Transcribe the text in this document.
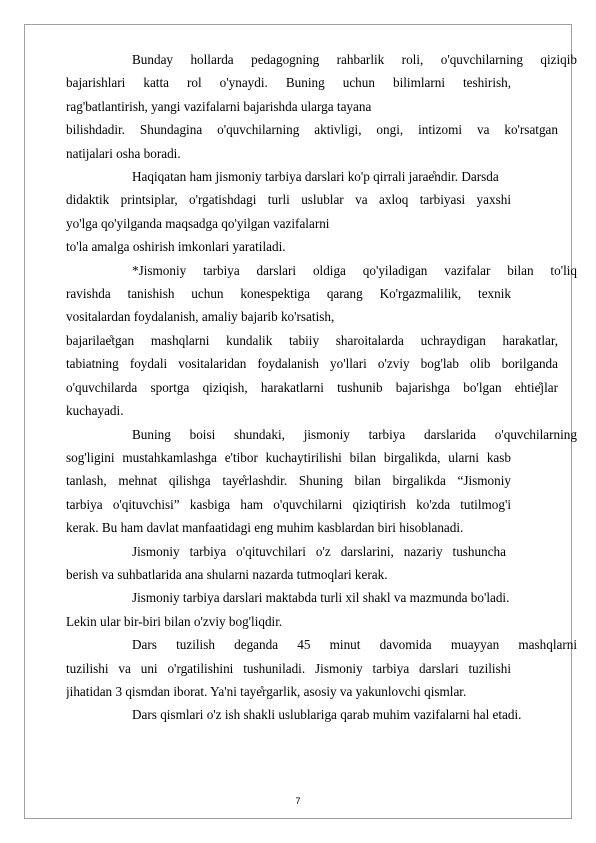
Bunday hollarda pedagogning rahbarlik roli, o'quvchilarning qiziqib
bajarishlari katta rol o'ynaydi. Buning uchun bilimlarni teshirish,
rag'batlantirish, yangi vazifalarni bajarishda ularga tayana
bilishdadir. Shundagina o'quvchilarning aktivligi, ongi, intizomi va ko'rsatgan
natijalari osha boradi.

Haqiqatan ham jismoniy tarbiya darslari ko'p qirrali jarae̊ndir. Darsda
didaktik printsiplar, o'rgatishdagi turli uslublar va axloq tarbiyasi yaxshi
yo'lga qo'yilganda maqsadga qo'yilgan vazifalarni
to'la amalga oshirish imkonlari yaratiladi.

*Jismoniy tarbiya darslari oldiga qo'yiladigan vazifalar bilan to'liq
ravishda tanishish uchun konespektiga qarang Ko'rgazmalilik, texnik
vositalardan foydalanish, amaliy bajarib ko'rsatish,
bajarilae̊tgan mashqlarni kundalik tabiiy sharoitalarda uchraydigan harakatlar,
tabiatning foydali vositalaridan foydalanish yo'llari o'zviy bog'lab olib borilganda
o'quvchilarda sportga qiziqish, harakatlarni tushunib bajarishga bo'lgan ehtie̊jlar
kuchayadi.

Buning boisi shundaki, jismoniy tarbiya darslarida o'quvchilarning
sog'ligini mustahkamlashga e'tibor kuchaytirilishi bilan birgalikda, ularni kasb
tanlash, mehnat qilishga taye̊rlashdir. Shuning bilan birgalikda “Jismoniy
tarbiya o'qituvchisi” kasbiga ham o'quvchilarni qiziqtirish ko'zda tutilmog'i
kerak. Bu ham davlat manfaatidagi eng muhim kasblardan biri hisoblanadi.

Jismoniy tarbiya o'qituvchilari o'z darslarini, nazariy tushuncha
berish va suhbatlarida ana shularni nazarda tutmoqlari kerak.

Jismoniy tarbiya darslari maktabda turli xil shakl va mazmunda bo'ladi.
Lekin ular bir-biri bilan o'zviy bog'liqdir.

Dars tuzilish deganda 45 minut davomida muayyan mashqlarni
tuzilishi va uni o'rgatilishini tushuniladi. Jismoniy tarbiya darslari tuzilishi
jihatidan 3 qismdan iborat. Ya'ni taye̊rgarlik, asosiy va yakunlovchi qismlar.

Dars qismlari o'z ish shakli uslublariga qarab muhim vazifalarni hal etadi.

7
